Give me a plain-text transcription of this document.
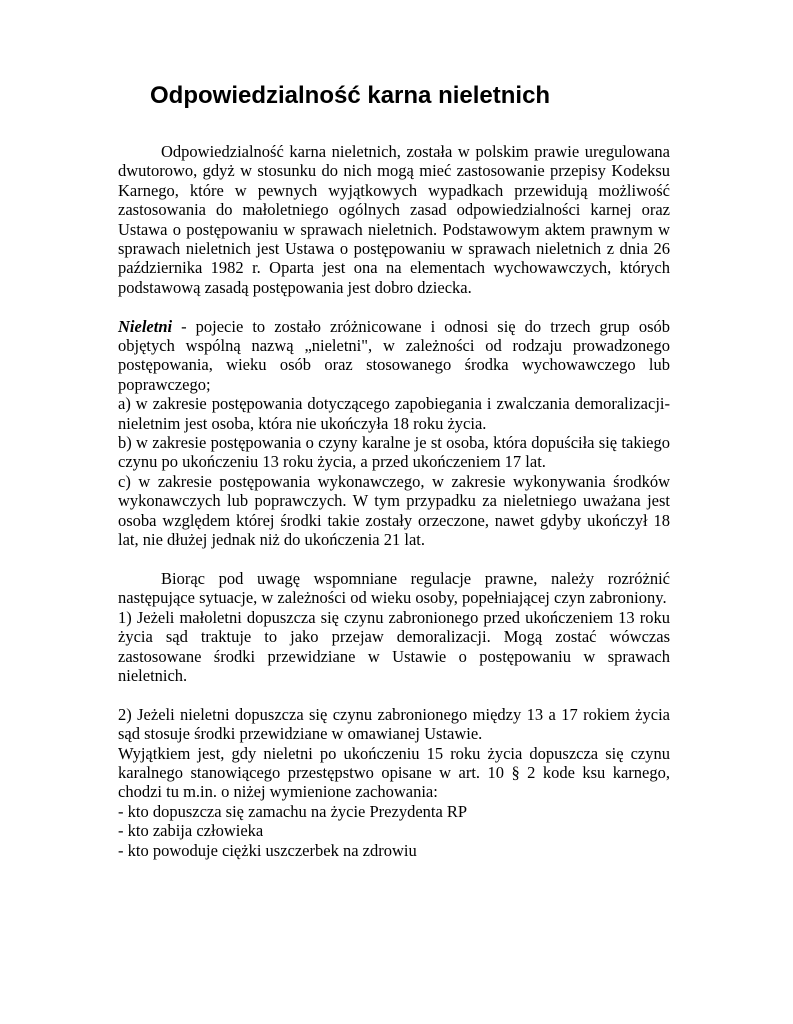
Odpowiedzialność karna nieletnich

Odpowiedzialność karna nieletnich, została w polskim prawie uregulowana dwutorowo, gdyż w stosunku do nich mogą mieć zastosowanie przepisy Kodeksu Karnego, które w pewnych wyjątkowych wypadkach przewidują możliwość zastosowania do małoletniego ogólnych zasad odpowiedzialności karnej oraz Ustawa o postępowaniu w sprawach nieletnich. Podstawowym aktem prawnym w sprawach nieletnich jest Ustawa o postępowaniu w sprawach nieletnich z dnia 26 października 1982 r. Oparta jest ona na elementach wychowawczych, których podstawową zasadą postępowania jest dobro dziecka.

Nieletni - pojecie to zostało zróżnicowane i odnosi się do trzech grup osób objętych wspólną nazwą „nieletni", w zależności od rodzaju prowadzonego postępowania, wieku osób oraz stosowanego środka wychowawczego lub poprawczego;

a) w zakresie postępowania dotyczącego zapobiegania i zwalczania demoralizacji- nieletnim jest osoba, która nie ukończyła 18 roku życia.

b) w zakresie postępowania o czyny karalne je st osoba, która dopuściła się takiego czynu po ukończeniu 13 roku życia, a przed ukończeniem 17 lat.

c) w zakresie postępowania wykonawczego, w zakresie wykonywania środków wykonawczych lub poprawczych. W tym przypadku za nieletniego uważana jest osoba względem której środki takie zostały orzeczone, nawet gdyby ukończył 18 lat, nie dłużej jednak niż do ukończenia 21 lat.

Biorąc pod uwagę wspomniane regulacje prawne, należy rozróżnić następujące sytuacje, w zależności od wieku osoby, popełniającej czyn zabroniony.

1) Jeżeli małoletni dopuszcza się czynu zabronionego przed ukończeniem 13 roku życia sąd traktuje to jako przejaw demoralizacji. Mogą zostać wówczas zastosowane środki przewidziane w Ustawie o postępowaniu w sprawach nieletnich.

2) Jeżeli nieletni dopuszcza się czynu zabronionego między 13 a 17 rokiem życia sąd stosuje środki przewidziane w omawianej Ustawie.

Wyjątkiem jest, gdy nieletni po ukończeniu 15 roku życia dopuszcza się czynu karalnego stanowiącego przestępstwo opisane w art. 10 § 2 kode ksu karnego, chodzi tu m.in. o niżej wymienione zachowania:

- kto dopuszcza się zamachu na życie Prezydenta RP

- kto zabija człowieka

- kto powoduje ciężki uszczerbek na zdrowiu
